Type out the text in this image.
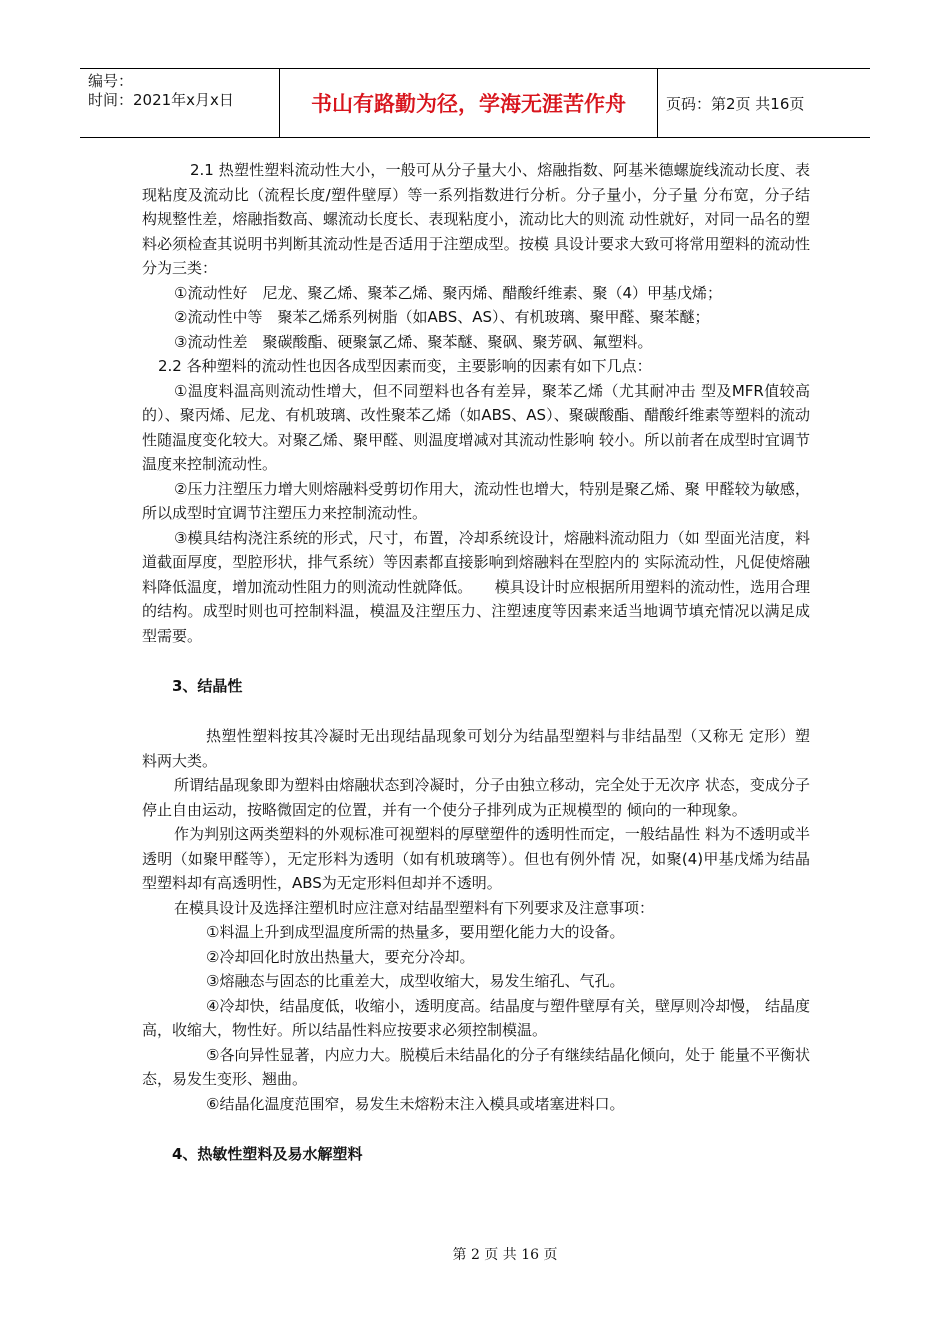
编号：
时间：2021年x月x日	书山有路勤为径，学海无涯苦作舟	页码：第2页 共16页

2.1 热塑性塑料流动性大小，一般可从分子量大小、熔融指数、阿基米德螺旋线流动长度、表现粘度及流动比（流程长度/塑件壁厚）等一系列指数进行分析。分子量小，分子量 分布宽，分子结构规整性差，熔融指数高、螺流动长度长、表现粘度小，流动比大的则流 动性就好，对同一品名的塑料必须检查其说明书判断其流动性是否适用于注塑成型。按模 具设计要求大致可将常用塑料的流动性分为三类：

①流动性好　尼龙、聚乙烯、聚苯乙烯、聚丙烯、醋酸纤维素、聚（4）甲基戊烯；

②流动性中等　聚苯乙烯系列树脂（如ABS、AS）、有机玻璃、聚甲醛、聚苯醚；

③流动性差　聚碳酸酯、硬聚氯乙烯、聚苯醚、聚砜、聚芳砜、氟塑料。

2.2 各种塑料的流动性也因各成型因素而变，主要影响的因素有如下几点：

①温度料温高则流动性增大，但不同塑料也各有差异，聚苯乙烯（尤其耐冲击 型及MFR值较高的）、聚丙烯、尼龙、有机玻璃、改性聚苯乙烯（如ABS、AS）、聚碳酸酯、醋酸纤维素等塑料的流动性随温度变化较大。对聚乙烯、聚甲醛、则温度增减对其流动性影响 较小。所以前者在成型时宜调节温度来控制流动性。

②压力注塑压力增大则熔融料受剪切作用大，流动性也增大，特别是聚乙烯、聚 甲醛较为敏感，所以成型时宜调节注塑压力来控制流动性。

③模具结构浇注系统的形式，尺寸，布置，冷却系统设计，熔融料流动阻力（如 型面光洁度，料道截面厚度，型腔形状，排气系统）等因素都直接影响到熔融料在型腔内的 实际流动性，凡促使熔融料降低温度，增加流动性阻力的则流动性就降低。　　模具设计时应根据所用塑料的流动性，选用合理的结构。成型时则也可控制料温，模温及注塑压力、注塑速度等因素来适当地调节填充情况以满足成型需要。

3、结晶性

热塑性塑料按其冷凝时无出现结晶现象可划分为结晶型塑料与非结晶型（又称无 定形）塑料两大类。

所谓结晶现象即为塑料由熔融状态到冷凝时，分子由独立移动，完全处于无次序 状态，变成分子停止自由运动，按略微固定的位置，并有一个使分子排列成为正规模型的 倾向的一种现象。

作为判别这两类塑料的外观标准可视塑料的厚壁塑件的透明性而定，一般结晶性 料为不透明或半透明（如聚甲醛等），无定形料为透明（如有机玻璃等）。但也有例外情 况，如聚(4)甲基戊烯为结晶型塑料却有高透明性，ABS为无定形料但却并不透明。

在模具设计及选择注塑机时应注意对结晶型塑料有下列要求及注意事项：

①料温上升到成型温度所需的热量多，要用塑化能力大的设备。

②冷却回化时放出热量大，要充分冷却。

③熔融态与固态的比重差大，成型收缩大，易发生缩孔、气孔。

④冷却快，结晶度低，收缩小，透明度高。结晶度与塑件壁厚有关，壁厚则冷却慢， 结晶度高，收缩大，物性好。所以结晶性料应按要求必须控制模温。

⑤各向异性显著，内应力大。脱模后未结晶化的分子有继续结晶化倾向，处于 能量不平衡状态，易发生变形、翘曲。

⑥结晶化温度范围窄，易发生未熔粉末注入模具或堵塞进料口。

4、热敏性塑料及易水解塑料
第 2 页 共 16 页
